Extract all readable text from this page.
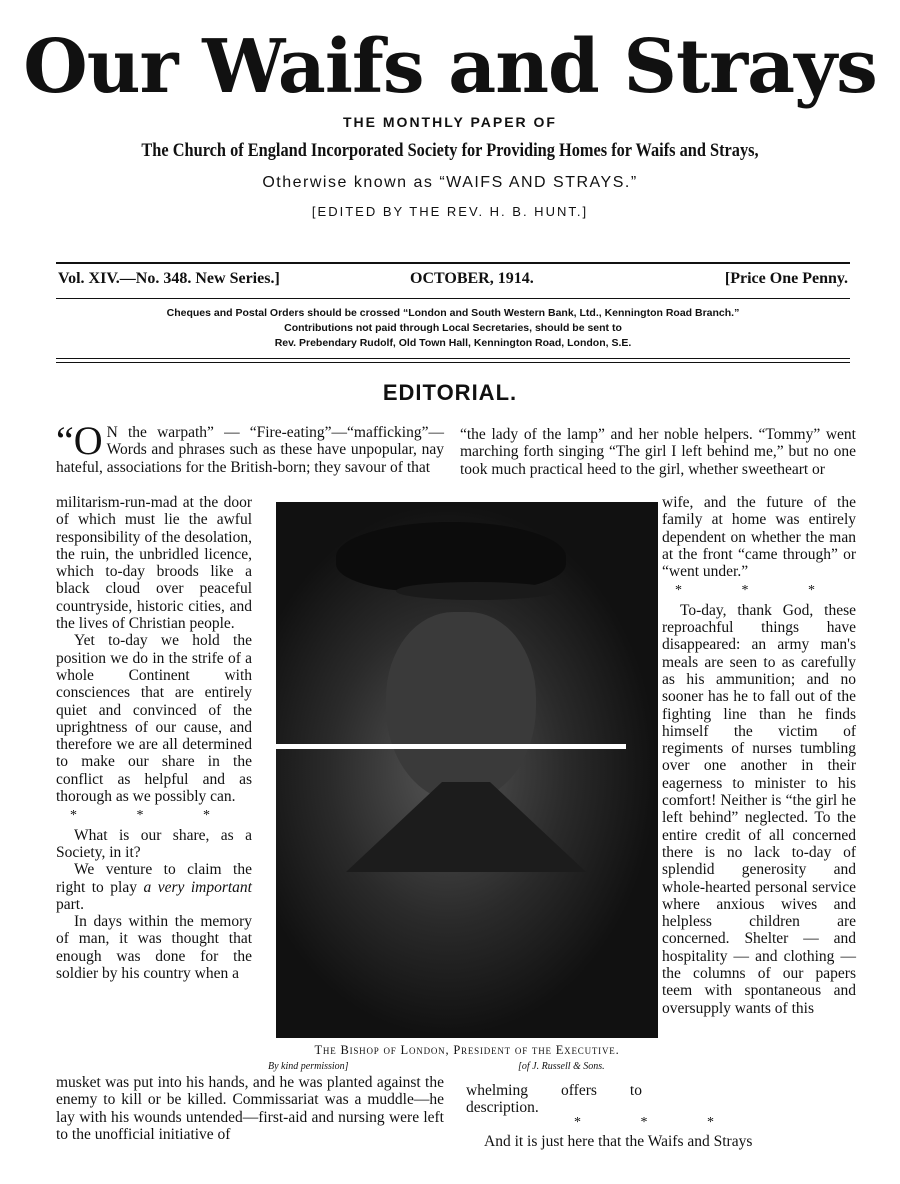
Our Waifs and Strays
THE MONTHLY PAPER OF
The Church of England Incorporated Society for Providing Homes for Waifs and Strays,
Otherwise known as “WAIFS AND STRAYS.”
[EDITED BY THE REV. H. B. HUNT.]
Vol. XIV.—No. 348. New Series.]	OCTOBER, 1914.	[Price One Penny.
Cheques and Postal Orders should be crossed “London and South Western Bank, Ltd., Kennington Road Branch.”
Contributions not paid through Local Secretaries, should be sent to
Rev. Prebendary Rudolf, Old Town Hall, Kennington Road, London, S.E.
EDITORIAL.

“O N the warpath” — “Fire-eating”—“mafficking”—Words and phrases such as these have unpopular, nay hateful, associations for the British-born; they savour of that

“the lady of the lamp” and her noble helpers. “Tommy” went marching forth singing “The girl I left behind me,” but no one took much practical heed to the girl, whether sweetheart or

militarism-run-mad at the door of which must lie the awful responsibility of the desolation, the ruin, the unbridled licence, which to-day broods like a black cloud over peaceful countryside, historic cities, and the lives of Christian people.

Yet to-day we hold the position we do in the strife of a whole Continent with consciences that are entirely quiet and convinced of the uprightness of our cause, and therefore we are all determined to make our share in the conflict as helpful and as thorough as we possibly can.

* * *

What is our share, as a Society, in it?

We venture to claim the right to play a very important part.

In days within the memory of man, it was thought that enough was done for the soldier by his country when a

wife, and the future of the family at home was entirely dependent on whether the man at the front “came through” or “went under.”

* * *

To-day, thank God, these reproachful things have disappeared: an army man's meals are seen to as carefully as his ammunition; and no sooner has he to fall out of the fighting line than he finds himself the victim of regiments of nurses tumbling over one another in their eagerness to minister to his comfort! Neither is “the girl he left behind” neglected. To the entire credit of all concerned there is no lack to-day of splendid generosity and whole-hearted personal service where anxious wives and helpless children are concerned. Shelter — and hospitality — and clothing — the columns of our papers teem with spontaneous and oversupply wants of this

The Bishop of London, President of the Executive.
By kind permission]	[of J. Russell & Sons.

musket was put into his hands, and he was planted against the enemy to kill or be killed. Commissariat was a muddle—he lay with his wounds untended—first-aid and nursing were left to the unofficial initiative of

whelming offers to description.

* * *

And it is just here that the Waifs and Strays
